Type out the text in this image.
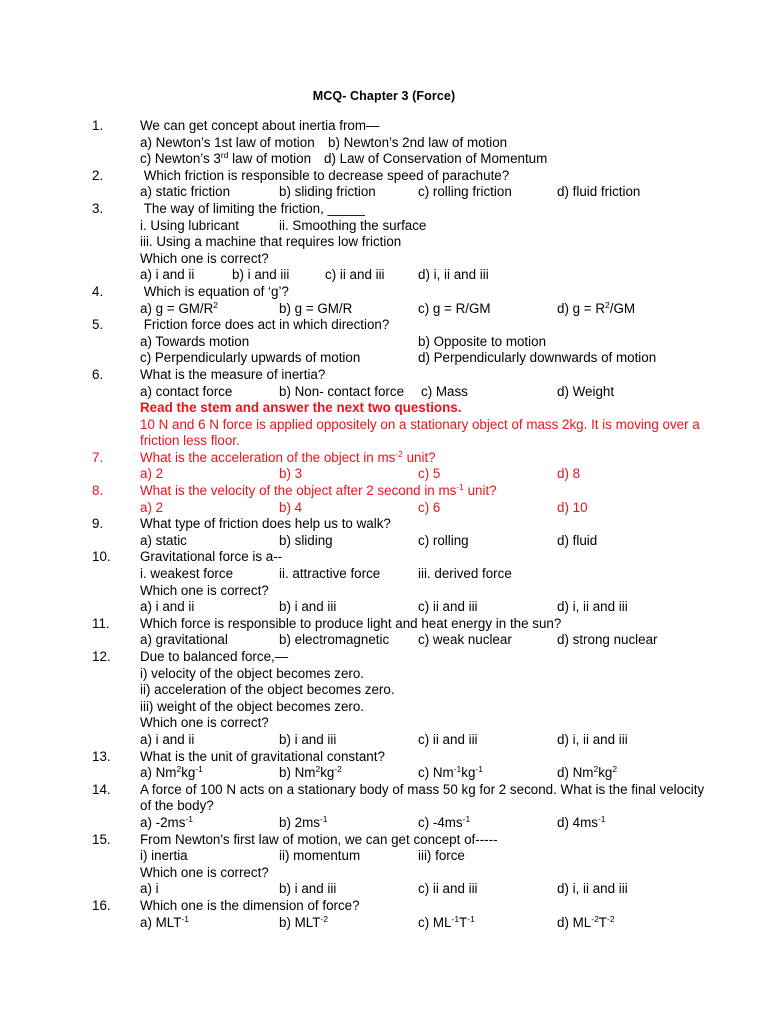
MCQ- Chapter 3 (Force)
1.	We can get concept about inertia from—
a) Newton’s 1st law of motion b) Newton’s 2nd law of motion
c) Newton’s 3rd law of motion d) Law of Conservation of Momentum
2.	Which friction is responsible to decrease speed of parachute?
a) static friction	b) sliding friction	c) rolling friction	d) fluid friction
3.	The way of limiting the friction, _____
i. Using lubricant	ii. Smoothing the surface
iii. Using a machine that requires low friction
Which one is correct?
a) i and ii	b) i and iii	c) ii and iii d) i, ii and iii
4.	Which is equation of ‘g’?
a) $g = GM/R^2$	b) g = GM/R	c) g = R/GM	d) $g = R^2/GM$
5.	Friction force does act in which direction?
a) Towards motion	b) Opposite to motion
c) Perpendicularly upwards of motion	d) Perpendicularly downwards of motion
6.	What is the measure of inertia?
a) contact force	b) Non- contact force c) Mass	d) Weight
Read the stem and answer the next two questions.
10 N and 6 N force is applied oppositely on a stationary object of mass 2kg. It is moving over a
friction less floor.
7.	What is the acceleration of the object in $ms^{-2}$ unit?
a) 2	b) 3	c) 5	d) 8
8.	What is the velocity of the object after 2 second in $ms^{-1}$ unit?
a) 2	b) 4	c) 6	d) 10
9.	What type of friction does help us to walk?
a) static	b) sliding	c) rolling	d) fluid
10. Gravitational force is a--
i. weakest force	ii. attractive force	iii. derived force
Which one is correct?
a) i and ii	b) i and iii	c) ii and iii	d) i, ii and iii
11. Which force is responsible to produce light and heat energy in the sun?
a) gravitational	b) electromagnetic c) weak nuclear	d) strong nuclear
12. Due to balanced force,—
i) velocity of the object becomes zero.
ii) acceleration of the object becomes zero.
iii) weight of the object becomes zero.
Which one is correct?
a) i and ii	b) i and iii	c) ii and iii	d) i, ii and iii
13. What is the unit of gravitational constant?
a) $Nm^2kg^{-1}$	b) $Nm^2kg^{-2}$	c) $Nm^{-1}kg^{-1}$	d) $Nm^2kg^2$
14. A force of 100 N acts on a stationary body of mass 50 kg for 2 second. What is the final velocity
of the body?
a) $-2ms^{-1}$	b) $2ms^{-1}$	c) $-4ms^{-1}$	d) $4ms^{-1}$
15. From Newton's first law of motion, we can get concept of-----
i) inertia	ii) momentum	iii) force
Which one is correct?
a) i	b) i and iii	c) ii and iii	d) i, ii and iii
16. Which one is the dimension of force?
a) $MLT^{-1}$	b) $MLT^{-2}$	c) $ML^{-1}T^{-1}$	d) $ML^{-2}T^{-2}$
